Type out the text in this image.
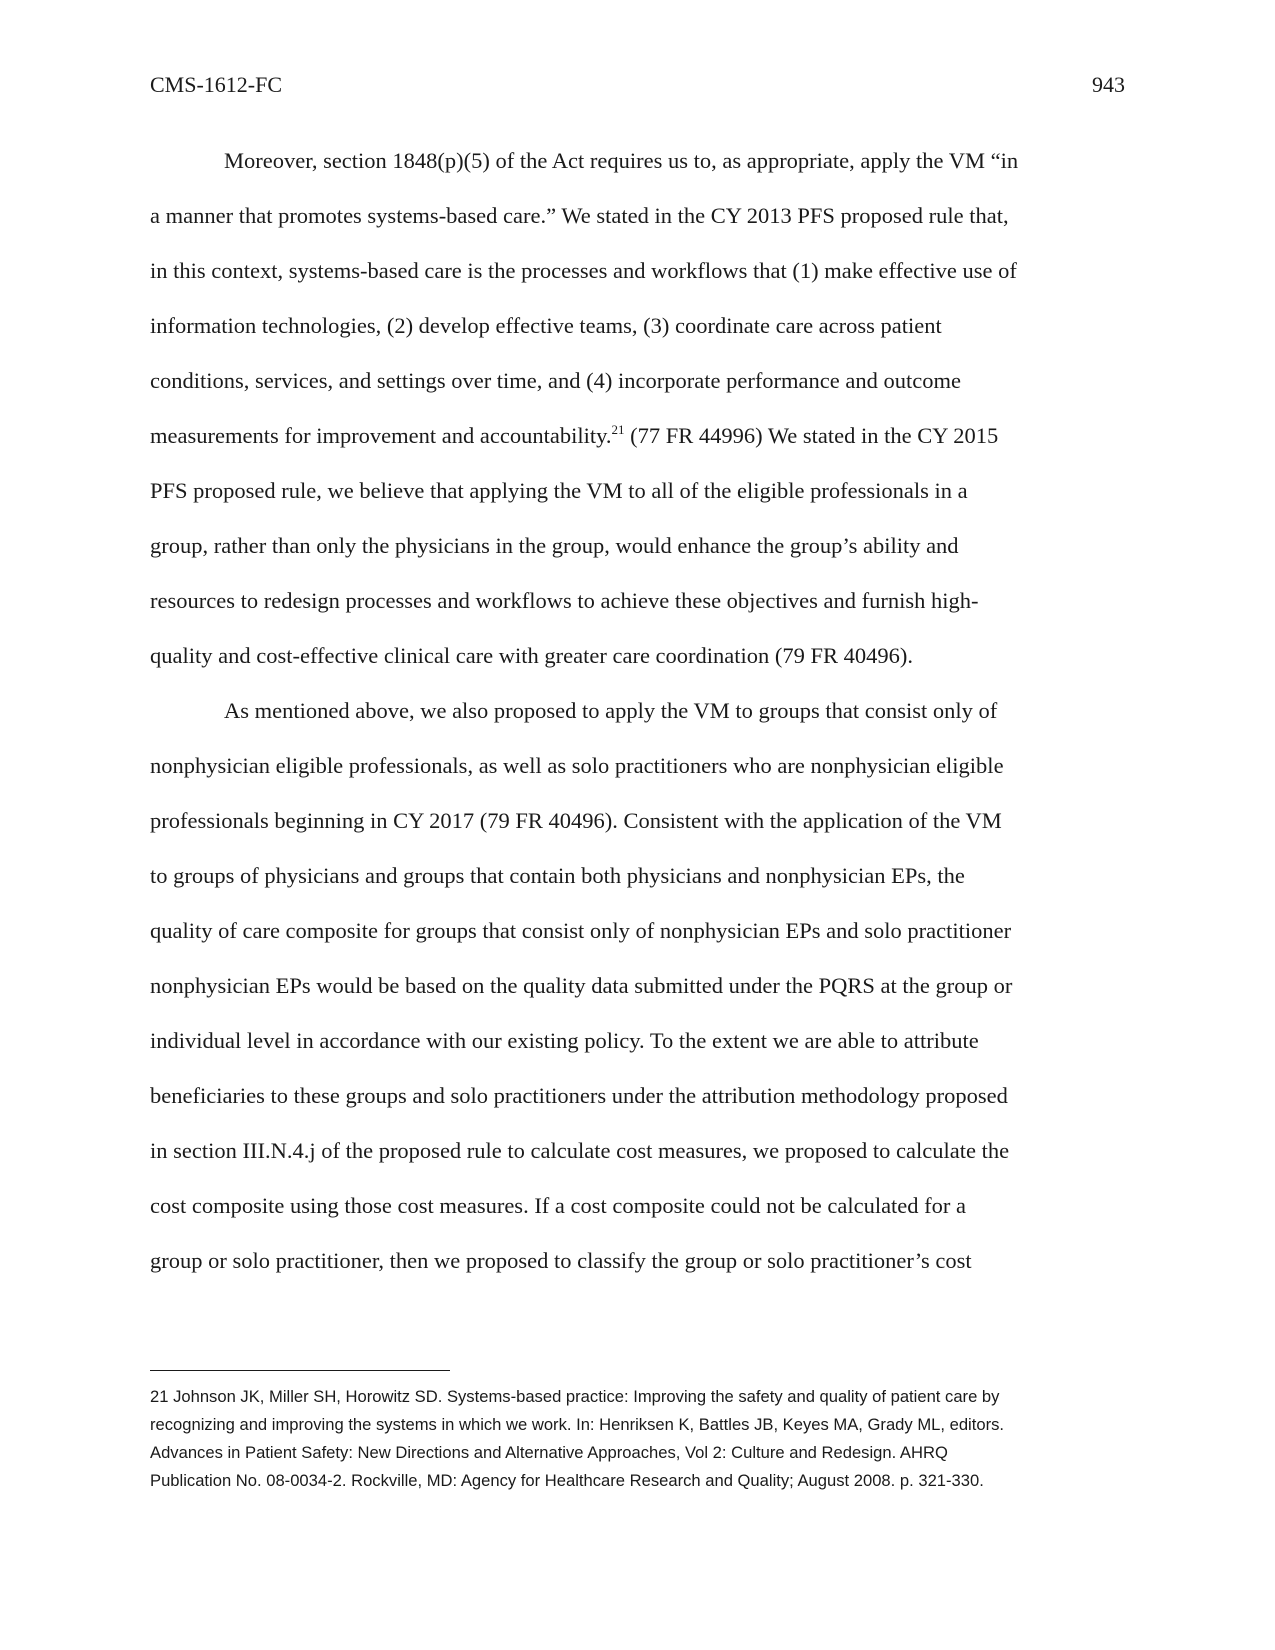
CMS-1612-FC	943
Moreover, section 1848(p)(5) of the Act requires us to, as appropriate, apply the VM “in
a manner that promotes systems-based care.” We stated in the CY 2013 PFS proposed rule that,
in this context, systems-based care is the processes and workflows that (1) make effective use of
information technologies, (2) develop effective teams, (3) coordinate care across patient
conditions, services, and settings over time, and (4) incorporate performance and outcome
measurements for improvement and accountability.$^{21}$ (77 FR 44996) We stated in the CY 2015
PFS proposed rule, we believe that applying the VM to all of the eligible professionals in a
group, rather than only the physicians in the group, would enhance the group’s ability and
resources to redesign processes and workflows to achieve these objectives and furnish high-
quality and cost-effective clinical care with greater care coordination (79 FR 40496).
As mentioned above, we also proposed to apply the VM to groups that consist only of
nonphysician eligible professionals, as well as solo practitioners who are nonphysician eligible
professionals beginning in CY 2017 (79 FR 40496). Consistent with the application of the VM
to groups of physicians and groups that contain both physicians and nonphysician EPs, the
quality of care composite for groups that consist only of nonphysician EPs and solo practitioner
nonphysician EPs would be based on the quality data submitted under the PQRS at the group or
individual level in accordance with our existing policy. To the extent we are able to attribute
beneficiaries to these groups and solo practitioners under the attribution methodology proposed
in section III.N.4.j of the proposed rule to calculate cost measures, we proposed to calculate the
cost composite using those cost measures. If a cost composite could not be calculated for a
group or solo practitioner, then we proposed to classify the group or solo practitioner’s cost
21 Johnson JK, Miller SH, Horowitz SD. Systems-based practice: Improving the safety and quality of patient care by
recognizing and improving the systems in which we work. In: Henriksen K, Battles JB, Keyes MA, Grady ML, editors.
Advances in Patient Safety: New Directions and Alternative Approaches, Vol 2: Culture and Redesign. AHRQ
Publication No. 08-0034-2. Rockville, MD: Agency for Healthcare Research and Quality; August 2008. p. 321-330.
